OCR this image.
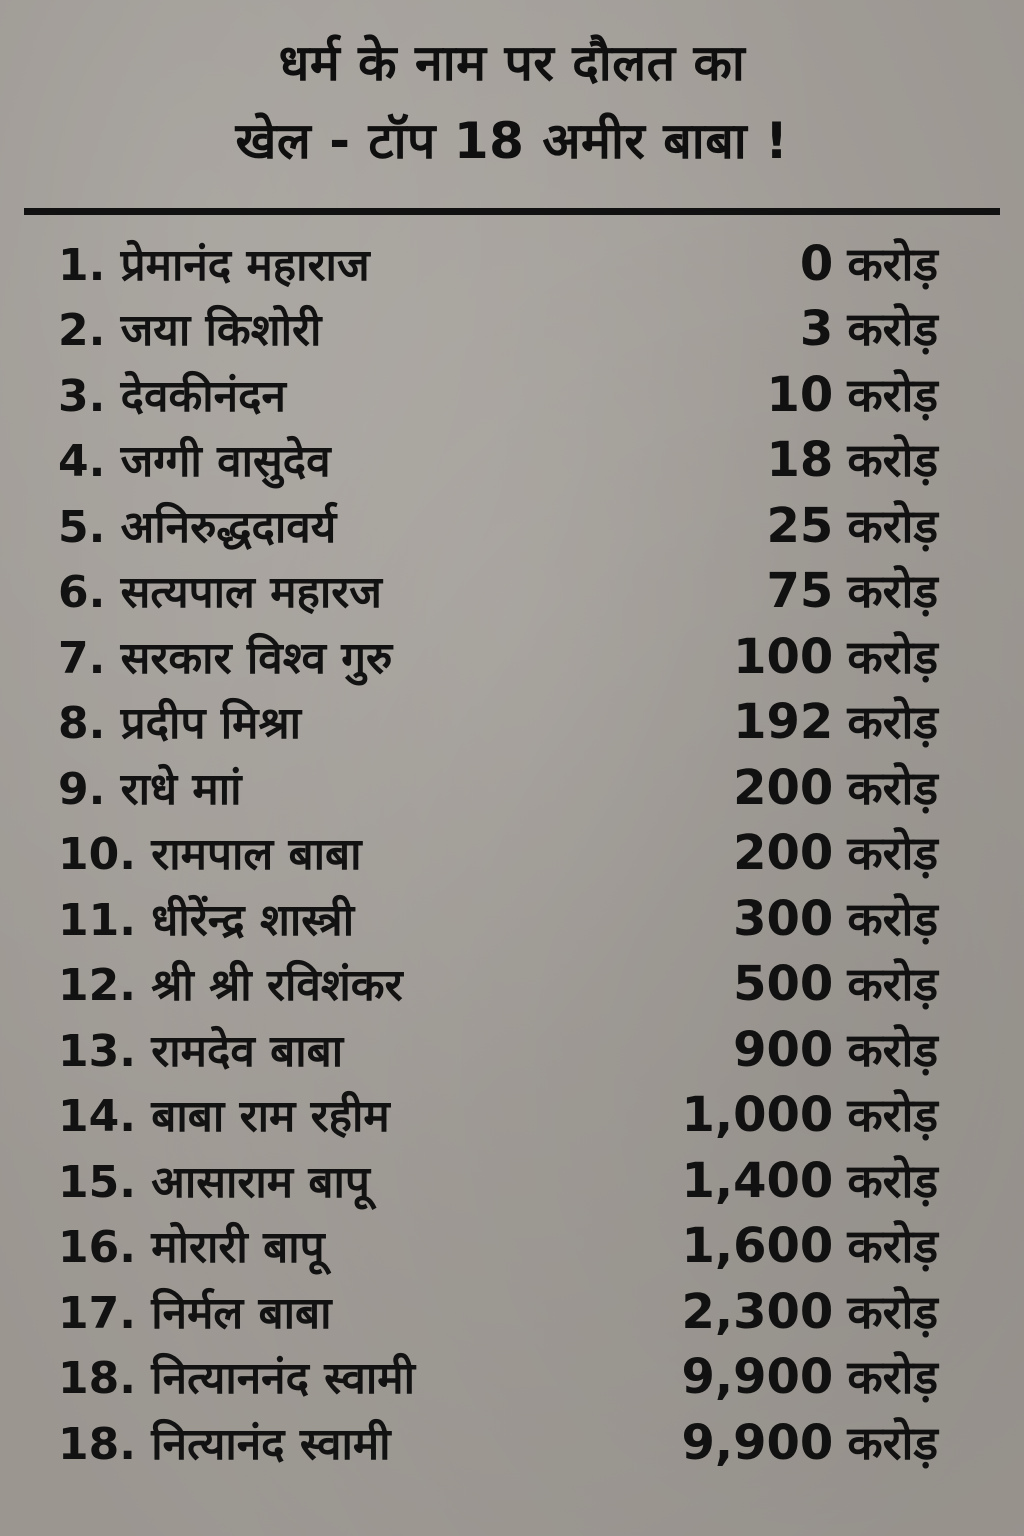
धर्म के नाम पर दौलत का
खेल - टॉप 18 अमीर बाबा !
1. प्रेमानंद महाराज	0 करोड़
2. जया किशोरी	3 करोड़
3. देवकीनंदन	10 करोड़
4. जग्गी वासुदेव	18 करोड़
5. अनिरुद्धदावर्य	25 करोड़
6. सत्यपाल महारज	75 करोड़
7. सरकार विश्व गुरु	100 करोड़
8. प्रदीप मिश्रा	192 करोड़
9. राधे माां	200 करोड़
10. रामपाल बाबा	200 करोड़
11. धीरेंन्द्र शास्त्री	300 करोड़
12. श्री श्री रविशंकर	500 करोड़
13. रामदेव बाबा	900 करोड़
14. बाबा राम रहीम	1,000 करोड़
15. आसाराम बापू	1,400 करोड़
16. मोरारी बापू	1,600 करोड़
17. निर्मल बाबा	2,300 करोड़
18. नित्याननंद स्वामी	9,900 करोड़
18. नित्यानंद स्वामी	9,900 करोड़
